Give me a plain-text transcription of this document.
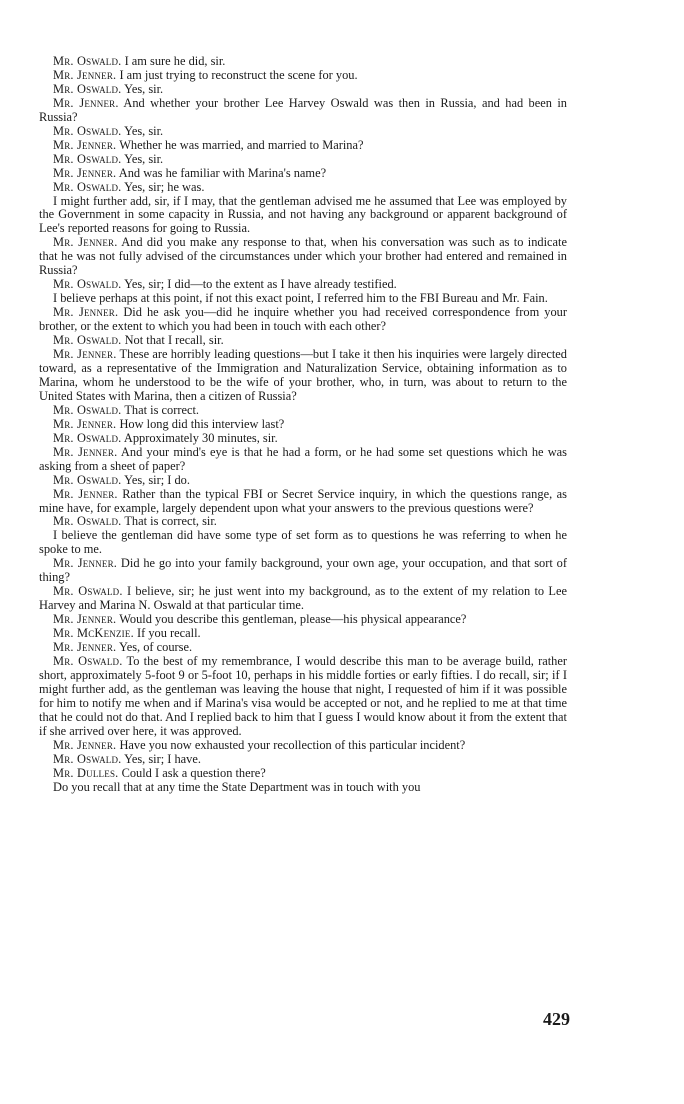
Mr. Oswald. I am sure he did, sir.

Mr. Jenner. I am just trying to reconstruct the scene for you.

Mr. Oswald. Yes, sir.

Mr. Jenner. And whether your brother Lee Harvey Oswald was then in Russia, and had been in Russia?

Mr. Oswald. Yes, sir.

Mr. Jenner. Whether he was married, and married to Marina?

Mr. Oswald. Yes, sir.

Mr. Jenner. And was he familiar with Marina's name?

Mr. Oswald. Yes, sir; he was.

I might further add, sir, if I may, that the gentleman advised me he assumed that Lee was employed by the Government in some capacity in Russia, and not having any background or apparent background of Lee's reported reasons for going to Russia.

Mr. Jenner. And did you make any response to that, when his conversation was such as to indicate that he was not fully advised of the circumstances under which your brother had entered and remained in Russia?

Mr. Oswald. Yes, sir; I did—to the extent as I have already testified.

I believe perhaps at this point, if not this exact point, I referred him to the FBI Bureau and Mr. Fain.

Mr. Jenner. Did he ask you—did he inquire whether you had received correspondence from your brother, or the extent to which you had been in touch with each other?

Mr. Oswald. Not that I recall, sir.

Mr. Jenner. These are horribly leading questions—but I take it then his inquiries were largely directed toward, as a representative of the Immigration and Naturalization Service, obtaining information as to Marina, whom he understood to be the wife of your brother, who, in turn, was about to return to the United States with Marina, then a citizen of Russia?

Mr. Oswald. That is correct.

Mr. Jenner. How long did this interview last?

Mr. Oswald. Approximately 30 minutes, sir.

Mr. Jenner. And your mind's eye is that he had a form, or he had some set questions which he was asking from a sheet of paper?

Mr. Oswald. Yes, sir; I do.

Mr. Jenner. Rather than the typical FBI or Secret Service inquiry, in which the questions range, as mine have, for example, largely dependent upon what your answers to the previous questions were?

Mr. Oswald. That is correct, sir.

I believe the gentleman did have some type of set form as to questions he was referring to when he spoke to me.

Mr. Jenner. Did he go into your family background, your own age, your occupation, and that sort of thing?

Mr. Oswald. I believe, sir; he just went into my background, as to the extent of my relation to Lee Harvey and Marina N. Oswald at that particular time.

Mr. Jenner. Would you describe this gentleman, please—his physical appearance?

Mr. McKenzie. If you recall.

Mr. Jenner. Yes, of course.

Mr. Oswald. To the best of my remembrance, I would describe this man to be average build, rather short, approximately 5-foot 9 or 5-foot 10, perhaps in his middle forties or early fifties. I do recall, sir; if I might further add, as the gentleman was leaving the house that night, I requested of him if it was possible for him to notify me when and if Marina's visa would be accepted or not, and he replied to me at that time that he could not do that. And I replied back to him that I guess I would know about it from the extent that if she arrived over here, it was approved.

Mr. Jenner. Have you now exhausted your recollection of this particular incident?

Mr. Oswald. Yes, sir; I have.

Mr. Dulles. Could I ask a question there?

Do you recall that at any time the State Department was in touch with you

429
